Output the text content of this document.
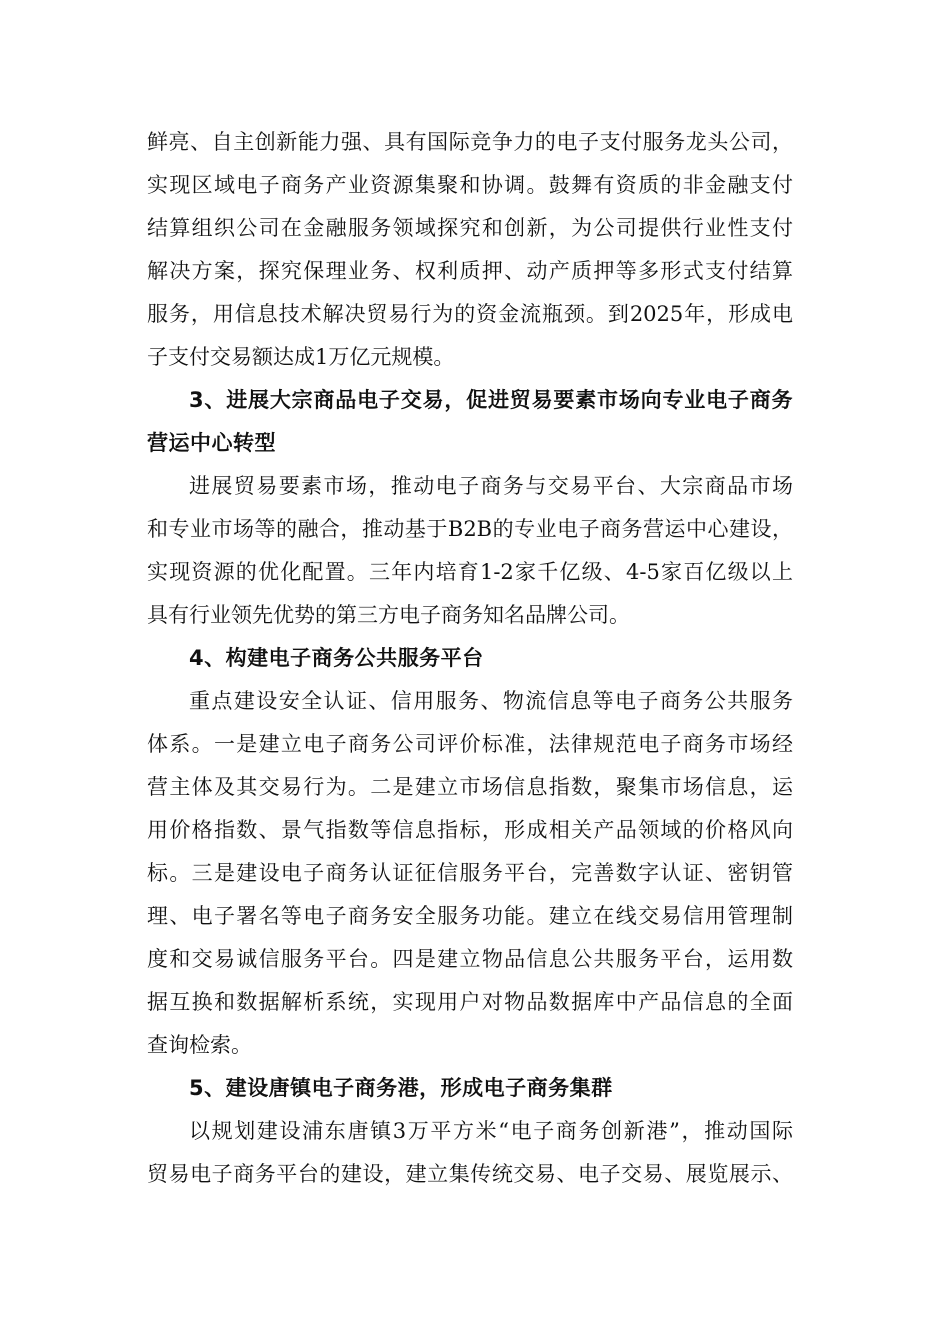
鲜亮、自主创新能力强、具有国际竞争力的电子支付服务龙头公司，
实现区域电子商务产业资源集聚和协调。鼓舞有资质的非金融支付
结算组织公司在金融服务领域探究和创新，为公司提供行业性支付
解决方案，探究保理业务、权利质押、动产质押等多形式支付结算
服务，用信息技术解决贸易行为的资金流瓶颈。到2025年，形成电
子支付交易额达成1万亿元规模。
3、进展大宗商品电子交易，促进贸易要素市场向专业电子商务
营运中心转型
进展贸易要素市场，推动电子商务与交易平台、大宗商品市场
和专业市场等的融合，推动基于B2B的专业电子商务营运中心建设，
实现资源的优化配置。三年内培育1-2家千亿级、4-5家百亿级以上
具有行业领先优势的第三方电子商务知名品牌公司。
4、构建电子商务公共服务平台
重点建设安全认证、信用服务、物流信息等电子商务公共服务
体系。一是建立电子商务公司评价标准，法律规范电子商务市场经
营主体及其交易行为。二是建立市场信息指数，聚集市场信息，运
用价格指数、景气指数等信息指标，形成相关产品领域的价格风向
标。三是建设电子商务认证征信服务平台，完善数字认证、密钥管
理、电子署名等电子商务安全服务功能。建立在线交易信用管理制
度和交易诚信服务平台。四是建立物品信息公共服务平台，运用数
据互换和数据解析系统，实现用户对物品数据库中产品信息的全面
查询检索。
5、建设唐镇电子商务港，形成电子商务集群
以规划建设浦东唐镇3万平方米“电子商务创新港”，推动国际
贸易电子商务平台的建设，建立集传统交易、电子交易、展览展示、
